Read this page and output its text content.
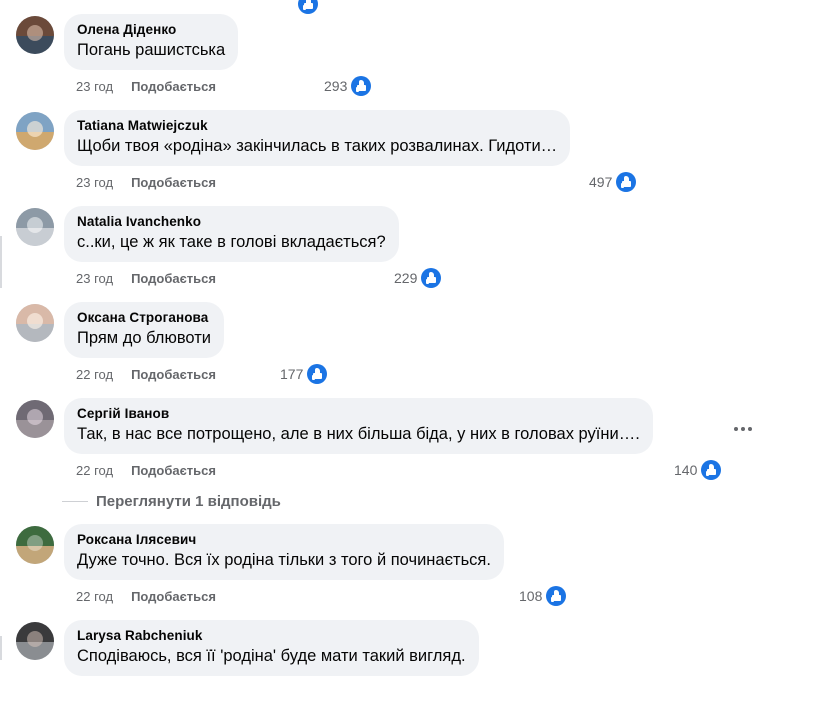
Олена Діденко
Погань рашистська
23 год Подобається	293
Tatiana Matwiejczuk
Щоби твоя «родіна» закінчилась в таких розвалинах. Гидоти…
23 год Подобається	497
Natalia Ivanchenko
с..ки, це ж як таке в голові вкладається?
23 год Подобається	229
Оксана Строганова
Прям до блювоти
22 год Подобається	177
Сергій Іванов
Так, в нас все потрощено, але в них більша біда, у них в головах руїни….
22 год Подобається	140
Переглянути 1 відповідь
Роксана Ілясевич
Дуже точно. Вся їх родіна тільки з того й починається.
22 год Подобається	108
Larysa Rabcheniuk
Сподіваюсь, вся її 'родіна' буде мати такий вигляд.
